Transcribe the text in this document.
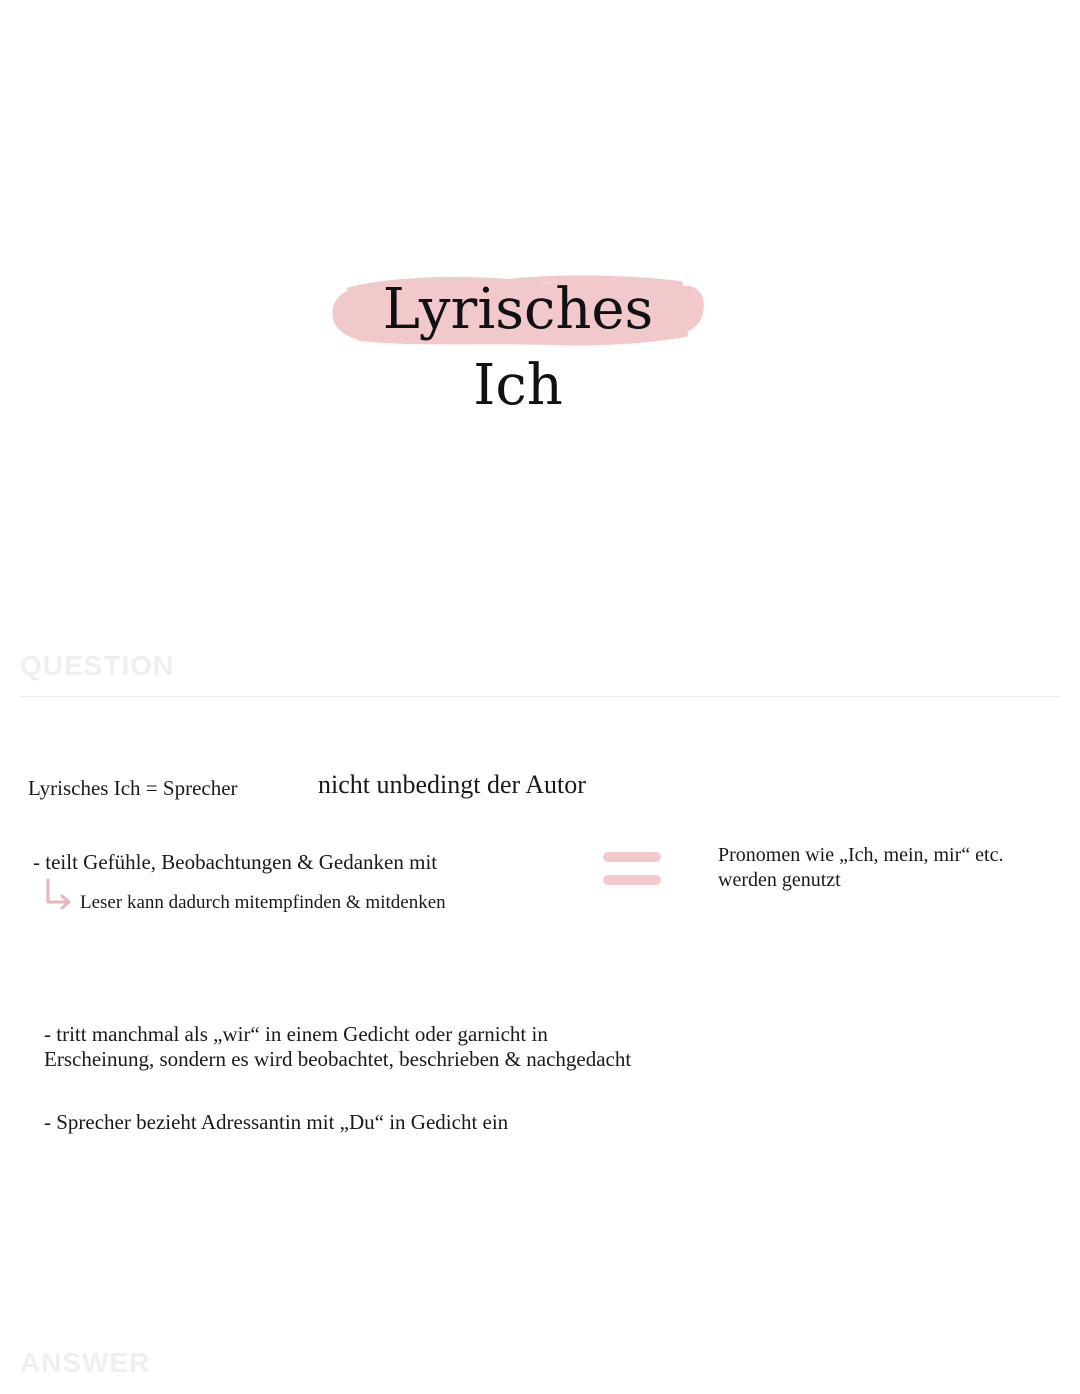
Lyrisches Ich
QUESTION
Lyrisches Ich = Sprecher	nicht unbedingt der Autor
- teilt Gefühle, Beobachtungen & Gedanken mit
Leser kann dadurch mitempfinden & mitdenken
Pronomen wie „Ich, mein, mir“ etc.
werden genutzt
- tritt manchmal als „wir“ in einem Gedicht oder garnicht in
Erscheinung, sondern es wird beobachtet, beschrieben & nachgedacht
- Sprecher bezieht Adressantin mit „Du“ in Gedicht ein
ANSWER
